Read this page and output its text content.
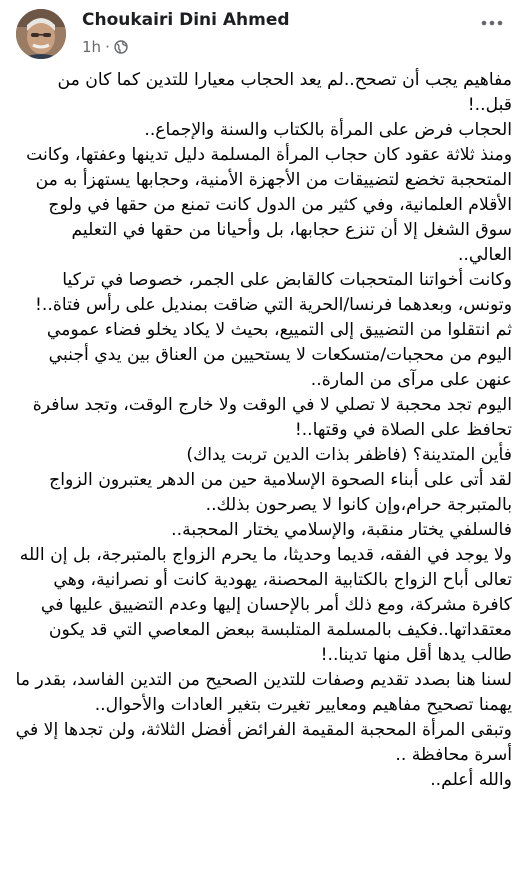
Choukairi Dini Ahmed
1h ·

مفاهيم يجب أن تصحح..لم يعد الحجاب معيارا للتدين كما كان من قبل..!

الحجاب فرض على المرأة بالكتاب والسنة والإجماع..

ومنذ ثلاثة عقود كان حجاب المرأة المسلمة دليل تدينها وعفتها، وكانت المتحجبة تخضع لتضييقات من الأجهزة الأمنية، وحجابها يستهزأ به من الأقلام العلمانية، وفي كثير من الدول كانت تمنع من حقها في ولوج سوق الشغل إلا أن تنزع حجابها، بل وأحيانا من حقها في التعليم العالي..

وكانت أخواتنا المتحجبات كالقابض على الجمر، خصوصا في تركيا وتونس، وبعدهما فرنسا/الحرية التي ضاقت بمنديل على رأس فتاة..!

ثم انتقلوا من التضييق إلى التمييع، بحيث لا يكاد يخلو فضاء عمومي اليوم من محجبات/متسكعات لا يستحيين من العناق بين يدي أجنبي عنهن على مرآى من المارة..

اليوم تجد محجبة لا تصلي لا في الوقت ولا خارج الوقت، وتجد سافرة تحافظ على الصلاة في وقتها..!

فأين المتدينة؟ (فاظفر بذات الدين تربت يداك)

لقد أتى على أبناء الصحوة الإسلامية حين من الدهر يعتبرون الزواج بالمتبرجة حرام،وإن كانوا لا يصرحون بذلك..

فالسلفي يختار منقبة، والإسلامي يختار المحجبة..

ولا يوجد في الفقه، قديما وحديثا، ما يحرم الزواج بالمتبرجة، بل إن الله تعالى أباح الزواج بالكتابية المحصنة، يهودية كانت أو نصرانية، وهي كافرة مشركة، ومع ذلك أمر بالإحسان إليها وعدم التضييق عليها في معتقداتها..فكيف بالمسلمة المتلبسة ببعض المعاصي التي قد يكون طالب يدها أقل منها تدينا..!

لسنا هنا بصدد تقديم وصفات للتدين الصحيح من التدين الفاسد، بقدر ما يهمنا تصحيح مفاهيم ومعايير تغيرت بتغير العادات والأحوال..

وتبقى المرأة المحجبة المقيمة الفرائض أفضل الثلاثة، ولن تجدها إلا في أسرة محافظة ..

والله أعلم..
